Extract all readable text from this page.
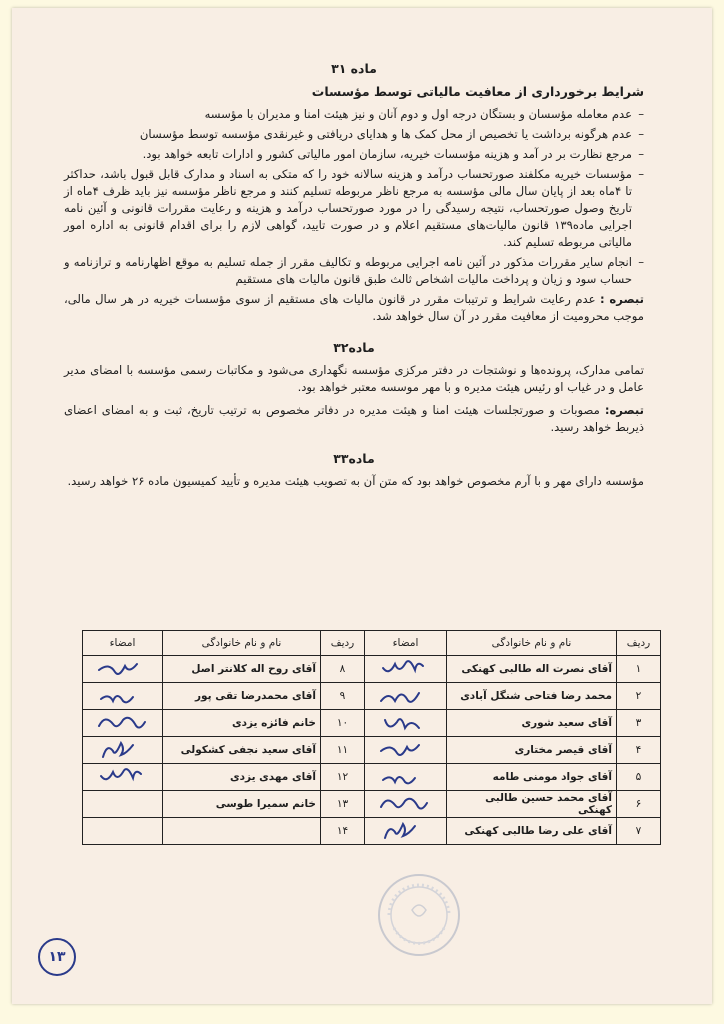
ماده ۳۱
شرایط برخورداری از معافیت مالیاتی توسط مؤسسات
– عدم معامله مؤسسان و بستگان درجه اول و دوم آنان و نیز هیئت امنا و مدیران با مؤسسه
– عدم هرگونه برداشت یا تخصیص از محل کمک ها و هدایای دریافتی و غیرنقدی مؤسسه توسط مؤسسان
– مرجع نظارت بر در آمد و هزینه مؤسسات خیریه، سازمان امور مالیاتی کشور و ادارات تابعه خواهد بود.
– مؤسسات خیریه مکلفند صورتحساب درآمد و هزینه سالانه خود را که متکی به اسناد و مدارک قابل قبول باشد، حداکثر تا ۴ماه بعد از پایان سال مالی مؤسسه به مرجع ناظر مربوطه تسلیم کنند و مرجع ناظر مؤسسه نیز باید ظرف ۴ماه از تاریخ وصول صورتحساب، نتیجه رسیدگی را در مورد صورتحساب درآمد و هزینه و رعایت مقررات قانونی و آئین نامه اجرایی ماده۱۳۹ قانون مالیات‌های مستقیم اعلام و در صورت تایید، گواهی لازم را برای اقدام قانونی به اداره امور مالیاتی مربوطه تسلیم کند.
– انجام سایر مقررات مذکور در آئین نامه اجرایی مربوطه و تکالیف مقرر از جمله تسلیم به موقع اظهارنامه و ترازنامه و حساب سود و زیان و پرداخت مالیات اشخاص ثالث طبق قانون مالیات های مستقیم

تبصره : عدم رعایت شرایط و ترتیبات مقرر در قانون مالیات های مستقیم از سوی مؤسسات خیریه در هر سال مالی، موجب محرومیت از معافیت مقرر در آن سال خواهد شد.

ماده۳۲

تمامی مدارک، پرونده‌ها و نوشتجات در دفتر مرکزی مؤسسه نگهداری می‌شود و مکاتبات رسمی مؤسسه با امضای مدیر عامل و در غیاب او رئیس هیئت مدیره و با مهر موسسه معتبر خواهد بود.

تبصره: مصوبات و صورتجلسات هیئت امنا و هیئت مدیره در دفاتر مخصوص به ترتیب تاریخ، ثبت و به امضای اعضای ذیربط خواهد رسید.

ماده۳۳

مؤسسه دارای مهر و با آرم مخصوص خواهد بود که متن آن به تصویب هیئت مدیره و تأیید کمیسیون ماده ۲۶ خواهد رسید.

ردیف	نام و نام خانوادگی	امضاء	ردیف	نام و نام خانوادگی	امضاء
۱	آقای نصرت اله طالبی کهنکی		۸	آقای روح اله کلانتر اصل	

۲	محمد رضا فتاحی شنگل آبادی		۹	آقای محمدرضا تقی پور	

۳	آقای سعید شوری		۱۰	خانم فائزه یزدی	

۴	آقای قیصر مختاری		۱۱	آقای سعید نجفی کشکولی	

۵	آقای جواد مومنی طامه		۱۲	آقای مهدی یزدی	

۶	آقای محمد حسین طالبی کهنکی		۱۳	خانم سمیرا طوسی	
۷	آقای علی رضا طالبی کهنکی		۱۴		
۱۳
